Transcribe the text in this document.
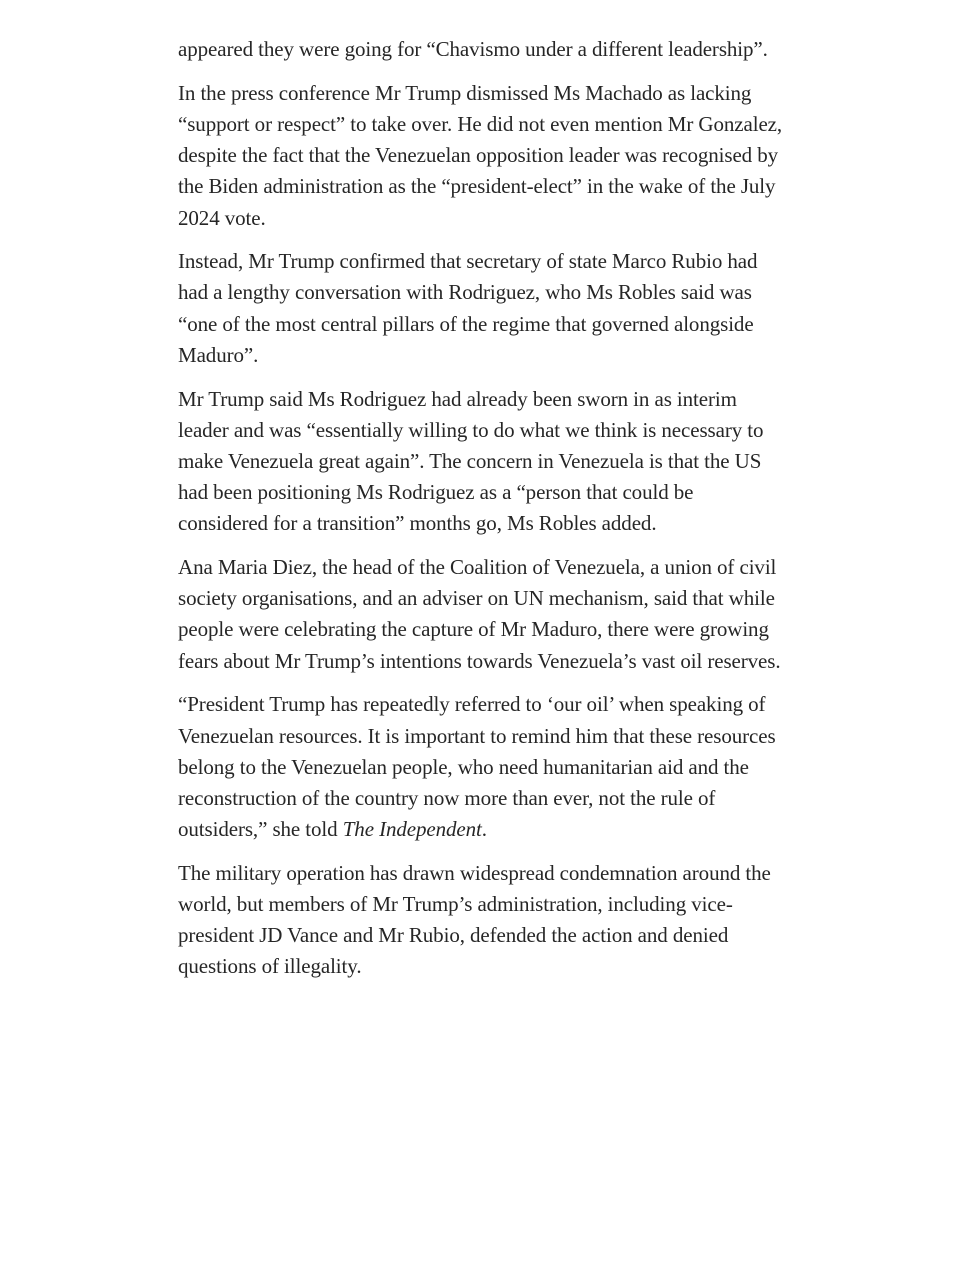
appeared they were going for “Chavismo under a different leadership”.

In the press conference Mr Trump dismissed Ms Machado as lacking “support or respect” to take over. He did not even mention Mr Gonzalez, despite the fact that the Venezuelan opposition leader was recognised by the Biden administration as the “president-elect” in the wake of the July 2024 vote.

Instead, Mr Trump confirmed that secretary of state Marco Rubio had had a lengthy conversation with Rodriguez, who Ms Robles said was “one of the most central pillars of the regime that governed alongside Maduro”.

Mr Trump said Ms Rodriguez had already been sworn in as interim leader and was “essentially willing to do what we think is necessary to make Venezuela great again”. The concern in Venezuela is that the US had been positioning Ms Rodriguez as a “person that could be considered for a transition” months go, Ms Robles added.

Ana Maria Diez, the head of the Coalition of Venezuela, a union of civil society organisations, and an adviser on UN mechanism, said that while people were celebrating the capture of Mr Maduro, there were growing fears about Mr Trump’s intentions towards Venezuela’s vast oil reserves.

“President Trump has repeatedly referred to ‘our oil’ when speaking of Venezuelan resources. It is important to remind him that these resources belong to the Venezuelan people, who need humanitarian aid and the reconstruction of the country now more than ever, not the rule of outsiders,” she told The Independent.

The military operation has drawn widespread condemnation around the world, but members of Mr Trump’s administration, including vice-president JD Vance and Mr Rubio, defended the action and denied questions of illegality.
